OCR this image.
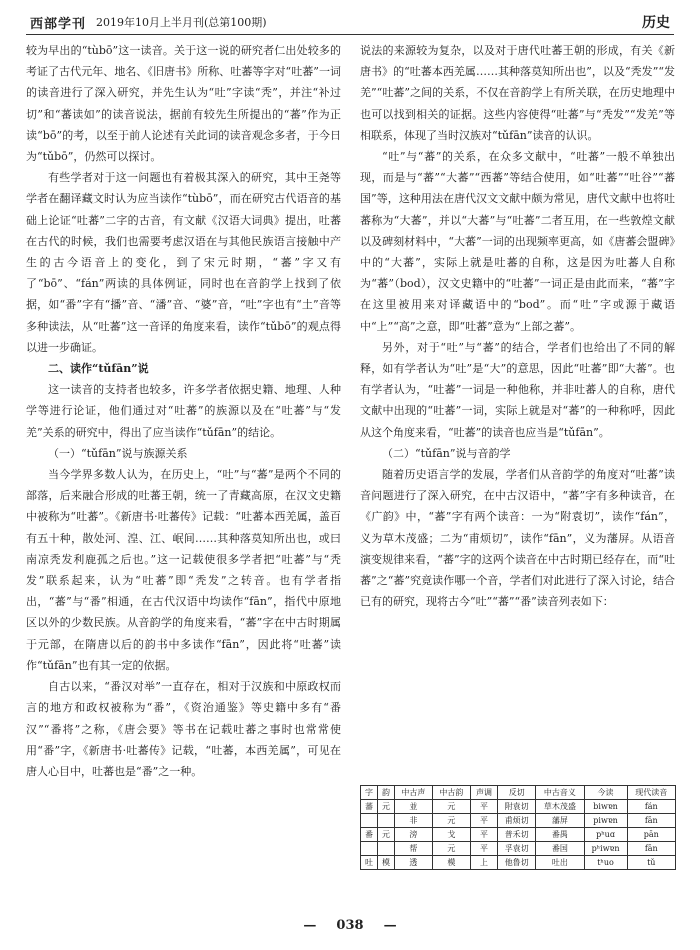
西部学刊 2019年10月上半月刊(总第100期)	历史

较为早出的“tùbō”这一读音。关于这一说的研究者仁出处较多的考证了古代元年、地名、《旧唐书》所称、吐蕃等字对“吐蕃”一词的读音进行了深入研究，并先生认为“吐”字读“秃”，并注“补过切”和“蕃读如”的读音说法，据前有较先生所提出的“蕃”作为正读“bō”的考，以至于前人论述有关此词的读音观念多者，于今日为“tǔbō”，仍然可以探讨。

有些学者对于这一问题也有着极其深入的研究，其中王尧等学者在翻译藏文时认为应当读作“tùbō”，而在研究古代语音的基础上论证“吐蕃”二字的古音，有文献《汉语大词典》提出，吐蕃在古代的时候，我们也需要考虑汉语在与其他民族语言接触中产生的古今语音上的变化，到了宋元时期，“蕃”字又有了“bō”、“fán”两读的具体例证，同时也在音韵学上找到了依据，如“番”字有“播”音、“潘”音、“婆”音，“吐”字也有“土”音等多种读法，从“吐蕃”这一音译的角度来看，读作“tǔbō”的观点得以进一步确证。

二、读作“tǔfān”说

这一读音的支持者也较多，许多学者依据史籍、地理、人种学等进行论证，他们通过对“吐蕃”的族源以及在“吐蕃”与“发羌”关系的研究中，得出了应当读作“tǔfān”的结论。

（一）“tǔfān”说与族源关系

当今学界多数人认为，在历史上，“吐”与“蕃”是两个不同的部落，后来融合形成的吐蕃王朝，统一了青藏高原，在汉文史籍中被称为“吐蕃”。《新唐书·吐蕃传》记载：“吐蕃本西羌属，盖百有五十种，散处河、湟、江、岷间……其种落莫知所出也，或曰南凉秃发利鹿孤之后也。”这一记载使很多学者把“吐蕃”与“秃发”联系起来，认为“吐蕃”即“秃发”之转音。也有学者指出，“蕃”与“番”相通，在古代汉语中均读作“fān”，指代中原地区以外的少数民族。从音韵学的角度来看，“蕃”字在中古时期属于元部，在隋唐以后的韵书中多读作“fān”，因此将“吐蕃”读作“tǔfān”也有其一定的依据。

自古以来，“番汉对举”一直存在，相对于汉族和中原政权而言的地方和政权被称为“番”，《资治通鉴》等史籍中多有“番汉”“番将”之称，《唐会要》等书在记载吐蕃之事时也常常使用“番”字，《新唐书·吐蕃传》记载，“吐蕃，本西羌属”，可见在唐人心目中，吐蕃也是“番”之一种。

说法的来源较为复杂，以及对于唐代吐蕃王朝的形成，有关《新唐书》的“吐蕃本西羌属……其种落莫知所出也”，以及“秃发”“发羌”“吐蕃”之间的关系，不仅在音韵学上有所关联，在历史地理中也可以找到相关的证据。这些内容使得“吐蕃”与“秃发”“发羌”等相联系，体现了当时汉族对“tǔfān”读音的认识。

“吐”与“蕃”的关系，在众多文献中，“吐蕃”一般不单独出现，而是与“蕃”“大蕃”“西蕃”等结合使用，如“吐蕃”“吐谷”“蕃国”等，这种用法在唐代汉文文献中颇为常见，唐代文献中也将吐蕃称为“大蕃”，并以“大蕃”与“吐蕃”二者互用，在一些敦煌文献以及碑刻材料中，“大蕃”一词的出现频率更高，如《唐蕃会盟碑》中的“大蕃”，实际上就是吐蕃的自称，这是因为吐蕃人自称为“蕃”（bod），汉文史籍中的“吐蕃”一词正是由此而来，“蕃”字在这里被用来对译藏语中的“bod”。而“吐”字或源于藏语中“上”“高”之意，即“吐蕃”意为“上部之蕃”。

另外，对于“吐”与“蕃”的结合，学者们也给出了不同的解释，如有学者认为“吐”是“大”的意思，因此“吐蕃”即“大蕃”。也有学者认为，“吐蕃”一词是一种他称，并非吐蕃人的自称，唐代文献中出现的“吐蕃”一词，实际上就是对“蕃”的一种称呼，因此从这个角度来看，“吐蕃”的读音也应当是“tǔfān”。

（二）“tǔfān”说与音韵学

随着历史语言学的发展，学者们从音韵学的角度对“吐蕃”读音问题进行了深入研究，在中古汉语中，“蕃”字有多种读音，在《广韵》中，“蕃”字有两个读音：一为“附袁切”，读作“fán”，义为草木茂盛；二为“甫烦切”，读作“fān”，义为藩屏。从语音演变规律来看，“蕃”字的这两个读音在中古时期已经存在，而“吐蕃”之“蕃”究竟读作哪一个音，学者们对此进行了深入讨论，结合已有的研究，现将古今“吐”“蕃”“番”读音列表如下：

字	韵	中古声	中古韵	声调	反切	中古音义	今读	现代读音
蕃	元	並	元	平	附袁切	草木茂盛	biwɐn	fán
		非	元	平	甫烦切	藩屏	piwɐn	fān
番	元	滂	戈	平	普禾切	番禺	pʰuɑ	pān
		帮	元	平	孚袁切	番国	pʰiwɐn	fān
吐	模	透	模	上	他鲁切	吐出	tʰuo	tǔ
— 038 —
